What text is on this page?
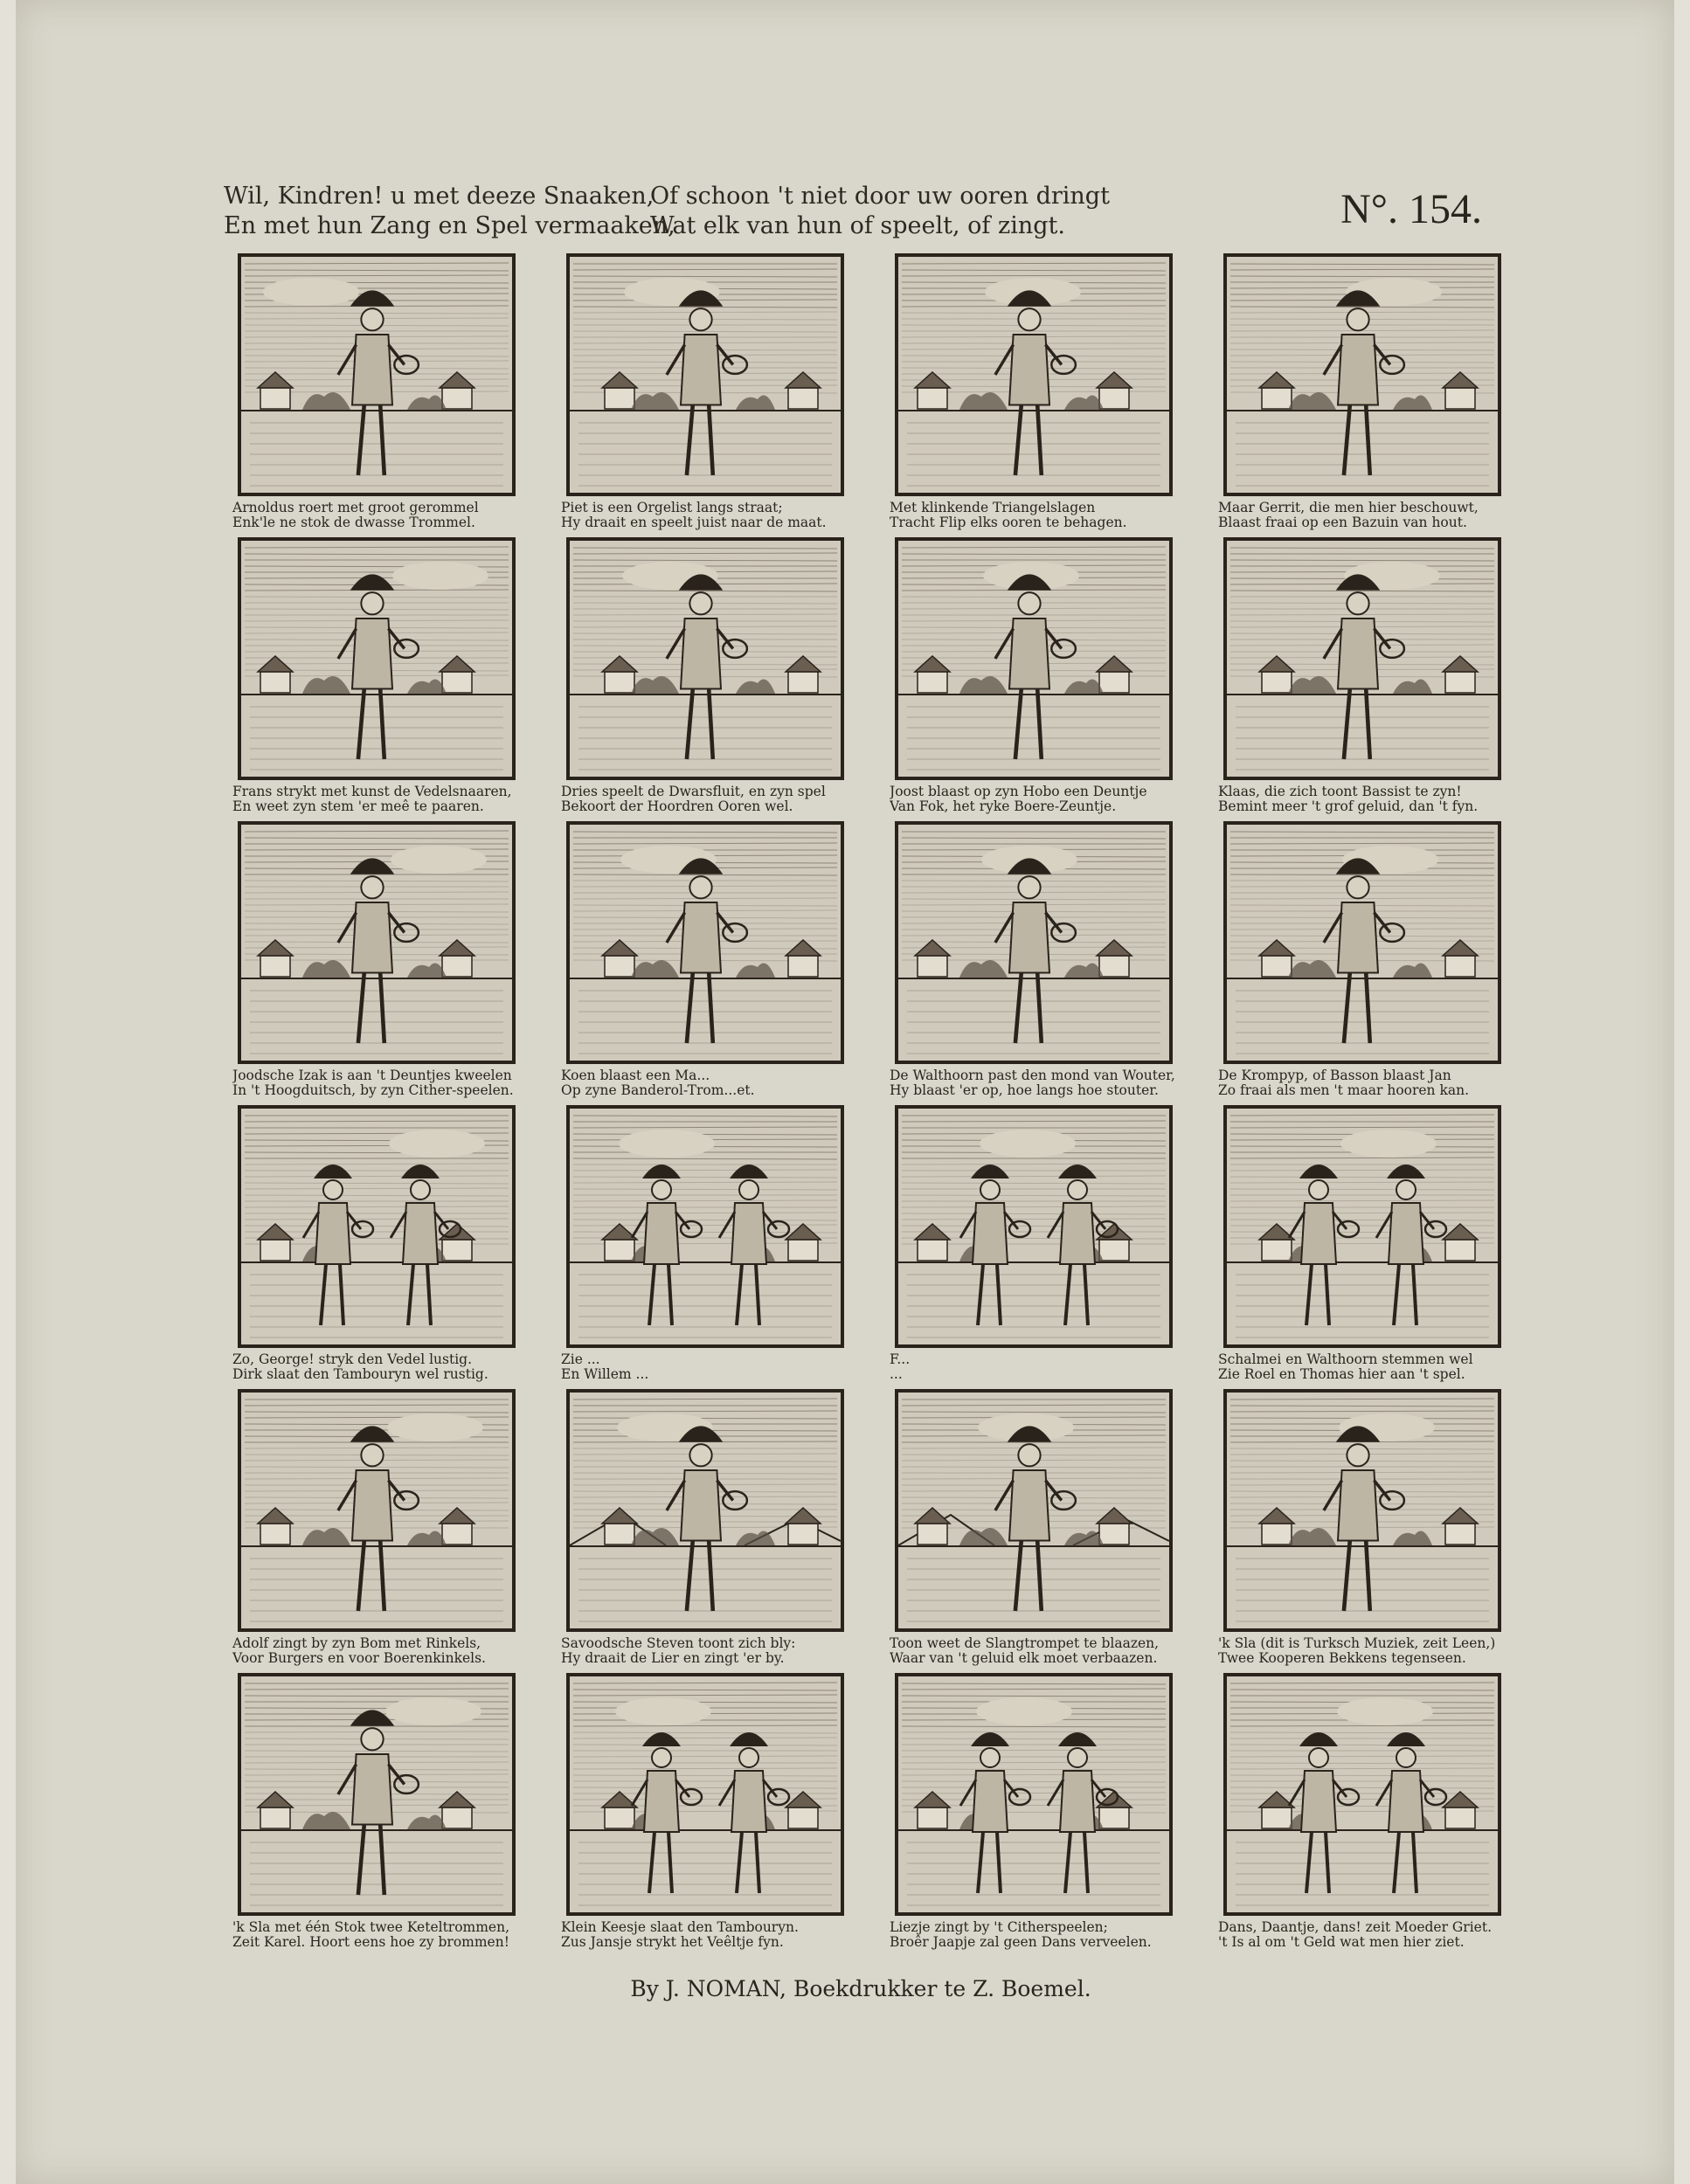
Wil, Kindren! u met deeze Snaaken,
En met hun Zang en Spel vermaaken,
Of schoon 't niet door uw ooren dringt
Wat elk van hun of speelt, of zingt.	N°. 154.
Arnoldus roert met groot gerommel
Enk'le ne stok de dwasse Trommel.
Piet is een Orgelist langs straat;
Hy draait en speelt juist naar de maat.
Met klinkende Triangelslagen
Tracht Flip elks ooren te behagen.
Maar Gerrit, die men hier beschouwt,
Blaast fraai op een Bazuin van hout.
Frans strykt met kunst de Vedelsnaaren,
En weet zyn stem 'er meê te paaren.
Dries speelt de Dwarsfluit, en zyn spel
Bekoort der Hoordren Ooren wel.
Joost blaast op zyn Hobo een Deuntje
Van Fok, het ryke Boere-Zeuntje.
Klaas, die zich toont Bassist te zyn!
Bemint meer 't grof geluid, dan 't fyn.
Joodsche Izak is aan 't Deuntjes kweelen
In 't Hoogduitsch, by zyn Cither-speelen.
Koen blaast een Ma...
Op zyne Banderol-Trom...et.
De Walthoorn past den mond van Wouter,
Hy blaast 'er op, hoe langs hoe stouter.
De Krompyp, of Basson blaast Jan
Zo fraai als men 't maar hooren kan.
Zo, George! stryk den Vedel lustig.
Dirk slaat den Tambouryn wel rustig.
Zie ...
En Willem ...
F...
...
Schalmei en Walthoorn stemmen wel
Zie Roel en Thomas hier aan 't spel.
Adolf zingt by zyn Bom met Rinkels,
Voor Burgers en voor Boerenkinkels.
Savoodsche Steven toont zich bly:
Hy draait de Lier en zingt 'er by.
Toon weet de Slangtrompet te blaazen,
Waar van 't geluid elk moet verbaazen.
'k Sla (dit is Turksch Muziek, zeit Leen,)
Twee Kooperen Bekkens tegenseen.
'k Sla met één Stok twee Keteltrommen,
Zeit Karel. Hoort eens hoe zy brommen!
Klein Keesje slaat den Tambouryn.
Zus Jansje strykt het Veêltje fyn.
Liezje zingt by 't Citherspeelen;
Broêr Jaapje zal geen Dans verveelen.
Dans, Daantje, dans! zeit Moeder Griet.
't Is al om 't Geld wat men hier ziet.
By J. NOMAN, Boekdrukker te Z. Boemel.
